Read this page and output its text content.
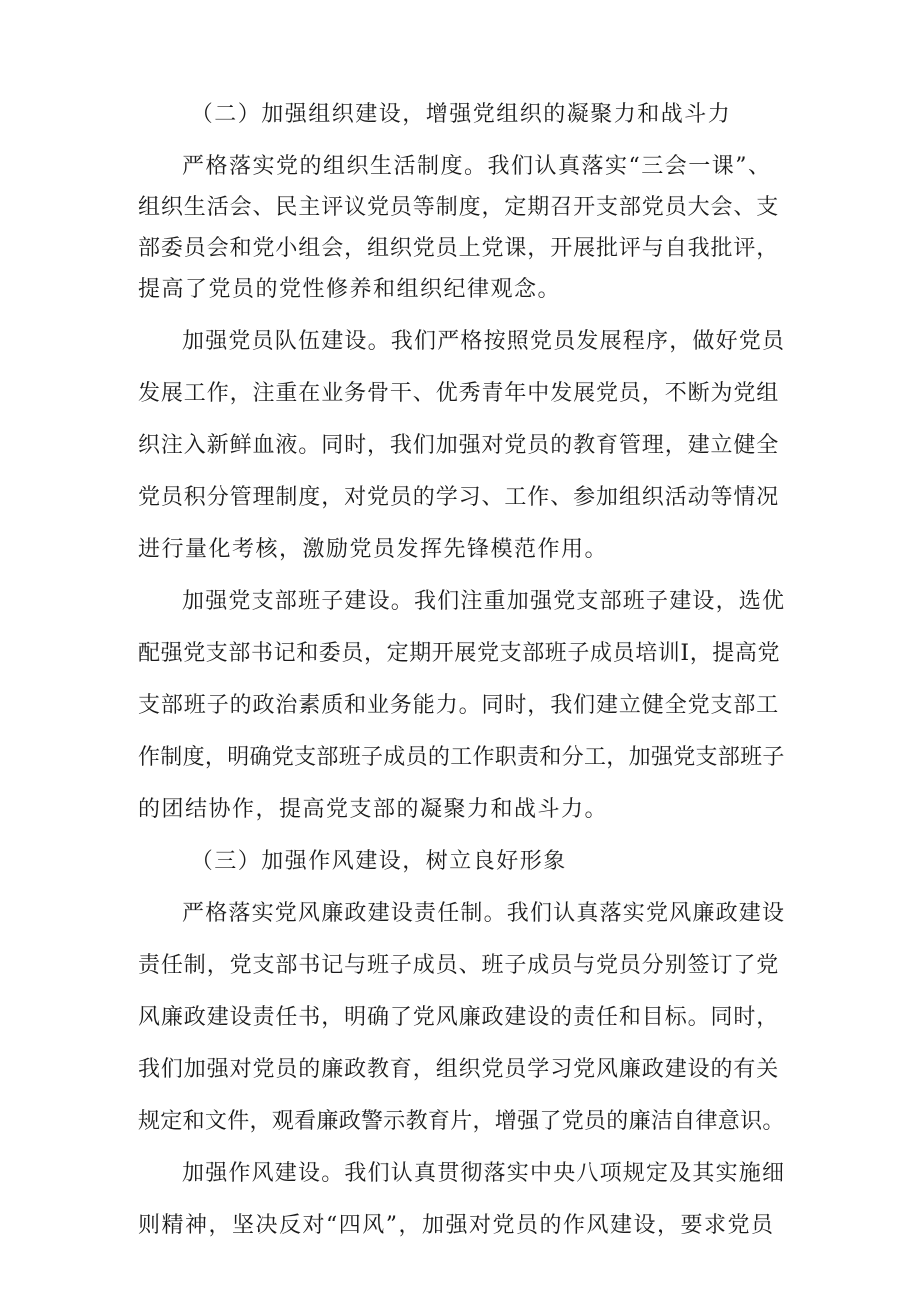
（二）加强组织建设，增强党组织的凝聚力和战斗力
严格落实党的组织生活制度。我们认真落实“三会一课”、
组织生活会、民主评议党员等制度，定期召开支部党员大会、支
部委员会和党小组会，组织党员上党课，开展批评与自我批评，
提高了党员的党性修养和组织纪律观念。
加强党员队伍建设。我们严格按照党员发展程序，做好党员
发展工作，注重在业务骨干、优秀青年中发展党员，不断为党组
织注入新鲜血液。同时，我们加强对党员的教育管理，建立健全
党员积分管理制度，对党员的学习、工作、参加组织活动等情况
进行量化考核，激励党员发挥先锋模范作用。
加强党支部班子建设。我们注重加强党支部班子建设，选优
配强党支部书记和委员，定期开展党支部班子成员培训I，提高党
支部班子的政治素质和业务能力。同时，我们建立健全党支部工
作制度，明确党支部班子成员的工作职责和分工，加强党支部班子
的团结协作，提高党支部的凝聚力和战斗力。
（三）加强作风建设，树立良好形象
严格落实党风廉政建设责任制。我们认真落实党风廉政建设
责任制，党支部书记与班子成员、班子成员与党员分别签订了党
风廉政建设责任书，明确了党风廉政建设的责任和目标。同时，
我们加强对党员的廉政教育，组织党员学习党风廉政建设的有关
规定和文件，观看廉政警示教育片，增强了党员的廉洁自律意识。
加强作风建设。我们认真贯彻落实中央八项规定及其实施细
则精神，坚决反对“四风”，加强对党员的作风建设，要求党员
